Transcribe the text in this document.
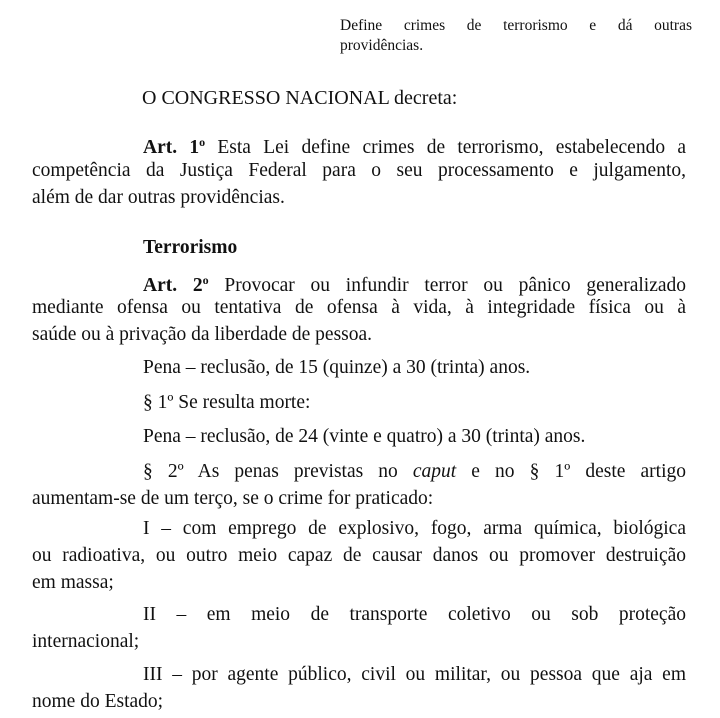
Define crimes de terrorismo e dá outras
providências.
O CONGRESSO NACIONAL decreta:
Art. 1$^o$ Esta Lei define crimes de terrorismo, estabelecendo a
competência da Justiça Federal para o seu processamento e julgamento,
além de dar outras providências.
Terrorismo
Art. 2$^o$ Provocar ou infundir terror ou pânico generalizado
mediante ofensa ou tentativa de ofensa à vida, à integridade física ou à
saúde ou à privação da liberdade de pessoa.
Pena – reclusão, de 15 (quinze) a 30 (trinta) anos.
§ 1º Se resulta morte:
Pena – reclusão, de 24 (vinte e quatro) a 30 (trinta) anos.
§ 2º As penas previstas no caput e no § 1º deste artigo
aumentam-se de um terço, se o crime for praticado:
I – com emprego de explosivo, fogo, arma química, biológica
ou radioativa, ou outro meio capaz de causar danos ou promover destruição
em massa;
II – em meio de transporte coletivo ou sob proteção
internacional;
III – por agente público, civil ou militar, ou pessoa que aja em
nome do Estado;
